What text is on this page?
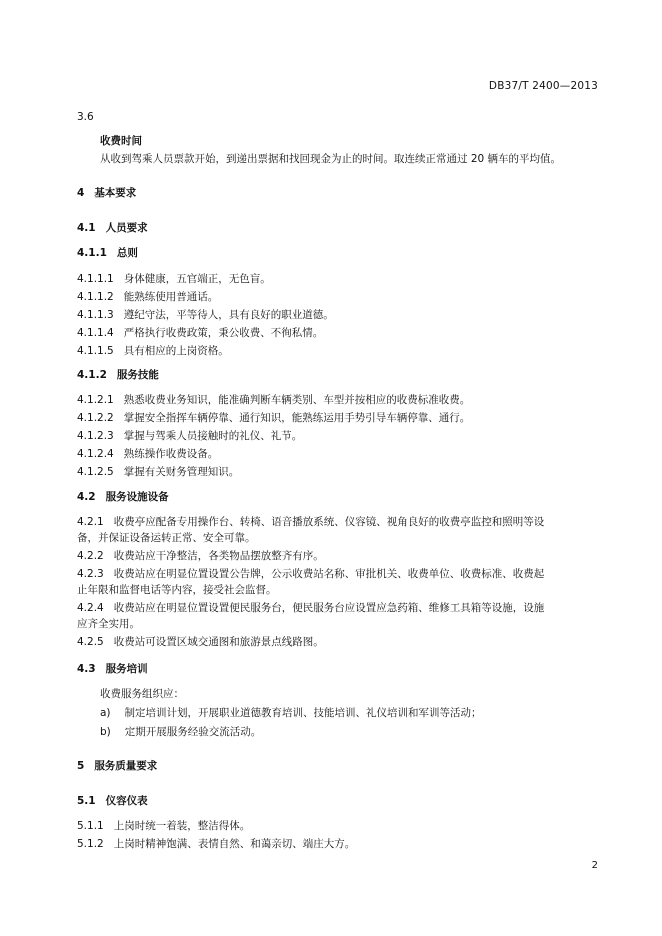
DB37/T 2400—2013
3.6
收费时间
从收到驾乘人员票款开始，到递出票据和找回现金为止的时间。取连续正常通过 20 辆车的平均值。
4 基本要求
4.1 人员要求
4.1.1 总则
4.1.1.1 身体健康，五官端正，无色盲。
4.1.1.2 能熟练使用普通话。
4.1.1.3 遵纪守法，平等待人，具有良好的职业道德。
4.1.1.4 严格执行收费政策，秉公收费、不徇私情。
4.1.1.5 具有相应的上岗资格。
4.1.2 服务技能
4.1.2.1 熟悉收费业务知识，能准确判断车辆类别、车型并按相应的收费标准收费。
4.1.2.2 掌握安全指挥车辆停靠、通行知识，能熟练运用手势引导车辆停靠、通行。
4.1.2.3 掌握与驾乘人员接触时的礼仪、礼节。
4.1.2.4 熟练操作收费设备。
4.1.2.5 掌握有关财务管理知识。
4.2 服务设施设备
4.2.1 收费亭应配备专用操作台、转椅、语音播放系统、仪容镜、视角良好的收费亭监控和照明等设
备，并保证设备运转正常、安全可靠。
4.2.2 收费站应干净整洁，各类物品摆放整齐有序。
4.2.3 收费站应在明显位置设置公告牌，公示收费站名称、审批机关、收费单位、收费标准、收费起
止年限和监督电话等内容，接受社会监督。
4.2.4 收费站应在明显位置设置便民服务台，便民服务台应设置应急药箱、维修工具箱等设施，设施
应齐全实用。
4.2.5 收费站可设置区域交通图和旅游景点线路图。
4.3 服务培训
收费服务组织应：
a) 制定培训计划，开展职业道德教育培训、技能培训、礼仪培训和军训等活动；
b) 定期开展服务经验交流活动。
5 服务质量要求
5.1 仪容仪表
5.1.1 上岗时统一着装，整洁得体。
5.1.2 上岗时精神饱满、表情自然、和蔼亲切、端庄大方。
2
